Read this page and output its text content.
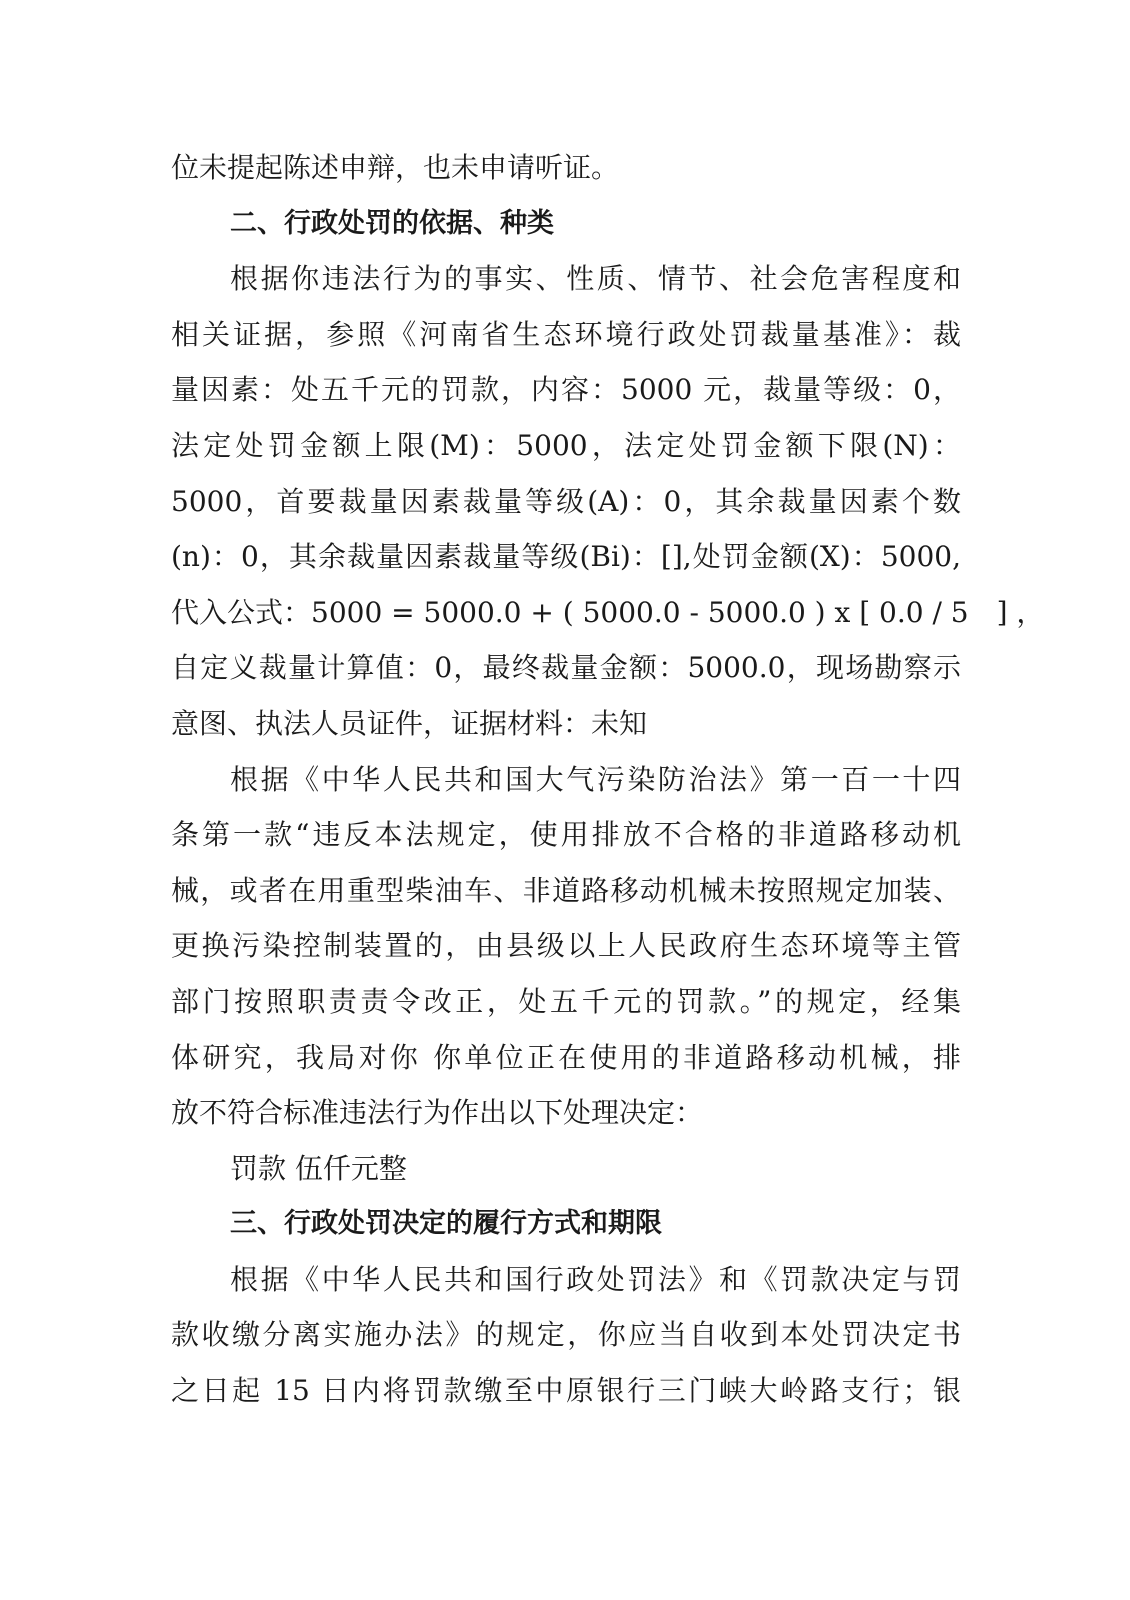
位未提起陈述申辩，也未申请听证。
二、行政处罚的依据、种类
根据你违法行为的事实、性质、情节、社会危害程度和
相关证据，参照《河南省生态环境行政处罚裁量基准》：裁
量因素：处五千元的罚款，内容：5000 元，裁量等级：0，
法定处罚金额上限(M)：5000，法定处罚金额下限(N)：
5000，首要裁量因素裁量等级(A)：0，其余裁量因素个数
(n)：0，其余裁量因素裁量等级(Bi)：[],处罚金额(X)：5000,
代入公式：5000 = 5000.0 + ( 5000.0 - 5000.0 ) x [ 0.0 / 5　] ，
自定义裁量计算值：0，最终裁量金额：5000.0，现场勘察示
意图、执法人员证件，证据材料：未知
根据《中华人民共和国大气污染防治法》第一百一十四
条第一款“违反本法规定，使用排放不合格的非道路移动机
械，或者在用重型柴油车、非道路移动机械未按照规定加装、
更换污染控制装置的，由县级以上人民政府生态环境等主管
部门按照职责责令改正，处五千元的罚款。”的规定，经集
体研究，我局对你 你单位正在使用的非道路移动机械，排
放不符合标准违法行为作出以下处理决定：
罚款 伍仟元整
三、行政处罚决定的履行方式和期限
根据《中华人民共和国行政处罚法》和《罚款决定与罚
款收缴分离实施办法》的规定，你应当自收到本处罚决定书
之日起 15 日内将罚款缴至中原银行三门峡大岭路支行；银
